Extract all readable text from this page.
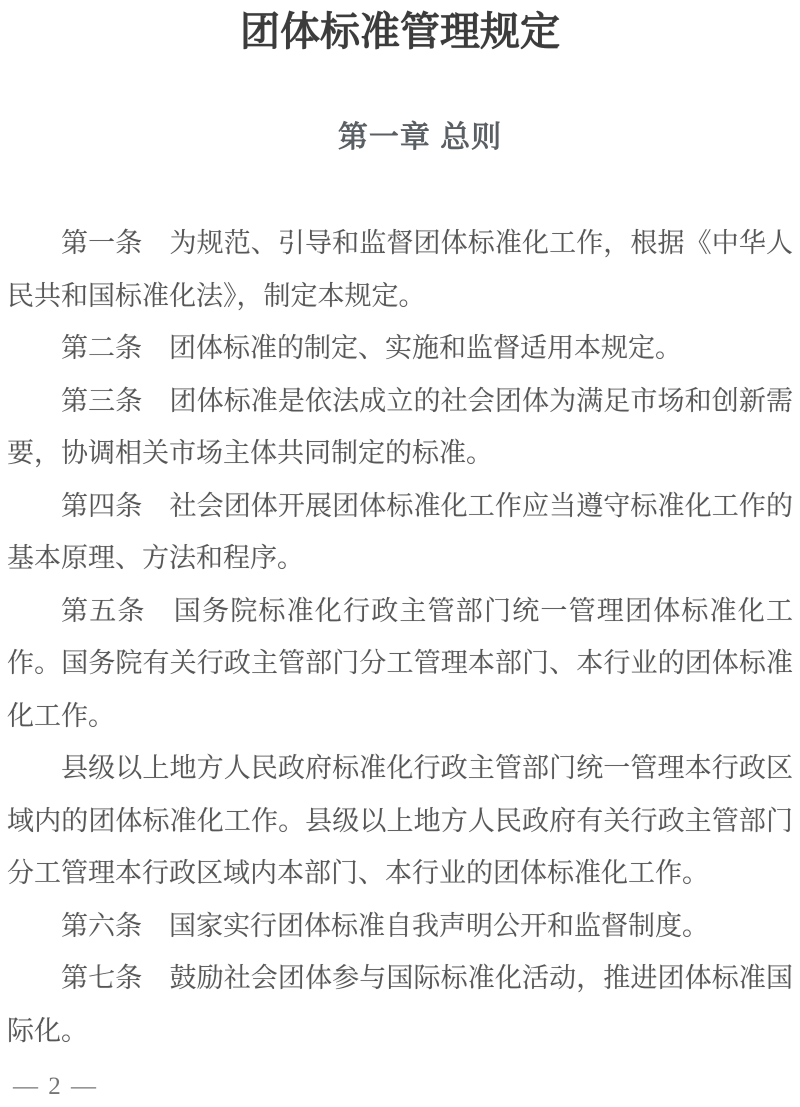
团体标准管理规定
第一章 总则

第一条　为规范、引导和监督团体标准化工作，根据《中华人民共和国标准化法》，制定本规定。

第二条　团体标准的制定、实施和监督适用本规定。

第三条　团体标准是依法成立的社会团体为满足市场和创新需要，协调相关市场主体共同制定的标准。

第四条　社会团体开展团体标准化工作应当遵守标准化工作的基本原理、方法和程序。

第五条　国务院标准化行政主管部门统一管理团体标准化工作。国务院有关行政主管部门分工管理本部门、本行业的团体标准化工作。

县级以上地方人民政府标准化行政主管部门统一管理本行政区域内的团体标准化工作。县级以上地方人民政府有关行政主管部门分工管理本行政区域内本部门、本行业的团体标准化工作。

第六条　国家实行团体标准自我声明公开和监督制度。

第七条　鼓励社会团体参与国际标准化活动，推进团体标准国际化。

— 2 —
